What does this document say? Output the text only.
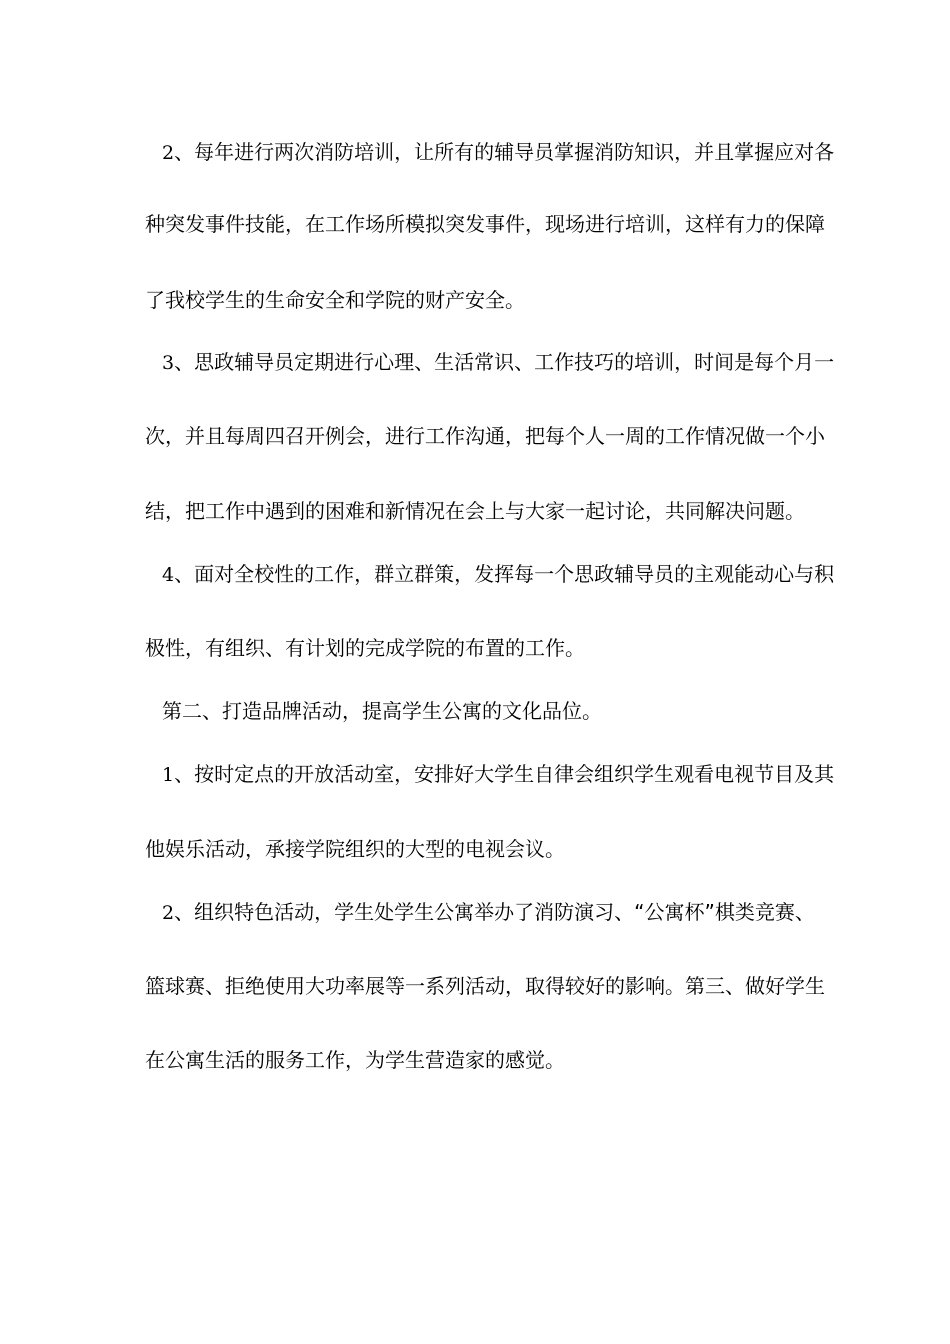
2、每年进行两次消防培训，让所有的辅导员掌握消防知识，并且掌握应对各
种突发事件技能，在工作场所模拟突发事件，现场进行培训，这样有力的保障
了我校学生的生命安全和学院的财产安全。
3、思政辅导员定期进行心理、生活常识、工作技巧的培训，时间是每个月一
次，并且每周四召开例会，进行工作沟通，把每个人一周的工作情况做一个小
结，把工作中遇到的困难和新情况在会上与大家一起讨论，共同解决问题。
4、面对全校性的工作，群立群策，发挥每一个思政辅导员的主观能动心与积
极性，有组织、有计划的完成学院的布置的工作。
第二、打造品牌活动，提高学生公寓的文化品位。
1、按时定点的开放活动室，安排好大学生自律会组织学生观看电视节目及其
他娱乐活动，承接学院组织的大型的电视会议。
2、组织特色活动，学生处学生公寓举办了消防演习、“公寓杯”棋类竞赛、
篮球赛、拒绝使用大功率展等一系列活动，取得较好的影响。第三、做好学生
在公寓生活的服务工作，为学生营造家的感觉。
